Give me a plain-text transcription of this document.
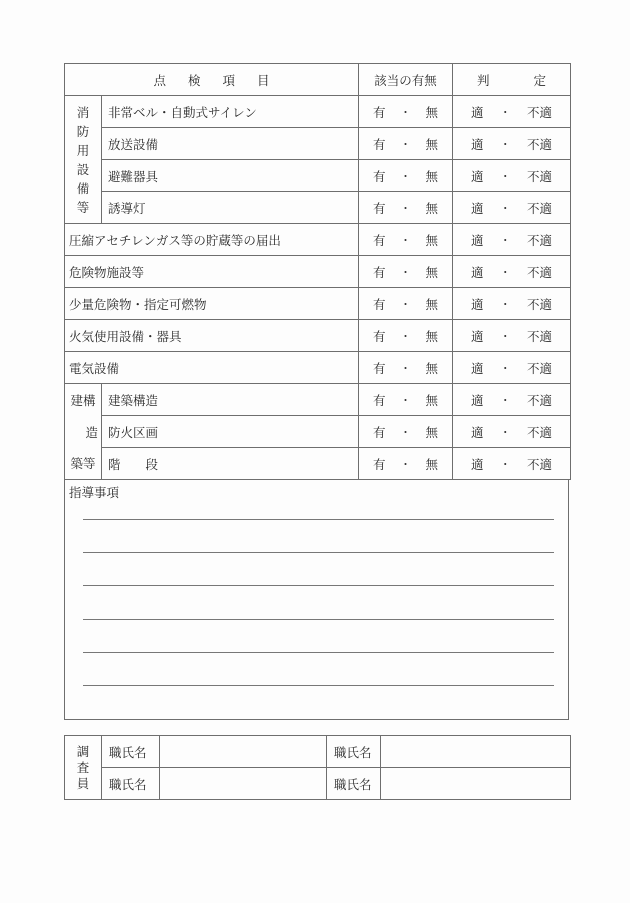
点検項目		該当の有無	判 定

消
防
用
設
備
等
	非常ベル・自動式サイレン	有 ・ 無	適 ・ 不適

	放送設備	有 ・ 無	適 ・ 不適

	避難器具	有 ・ 無	適 ・ 不適

	誘導灯	有 ・ 無	適 ・ 不適

圧縮アセチレンガス等の貯蔵等の届出		有 ・ 無	適 ・ 不適

危険物施設等		有 ・ 無	適 ・ 不適

少量危険物・指定可燃物		有 ・ 無	適 ・ 不適

火気使用設備・器具		有 ・ 無	適 ・ 不適

電気設備		有 ・ 無	適 ・ 不適

建構	建築構造	有 ・ 無	適 ・ 不適

造	防火区画	有 ・ 無	適 ・ 不適

築等	階　　段	有 ・ 無	適 ・ 不適
指導事項
調
査
員	職氏名		職氏名	
	職氏名		職氏名	
